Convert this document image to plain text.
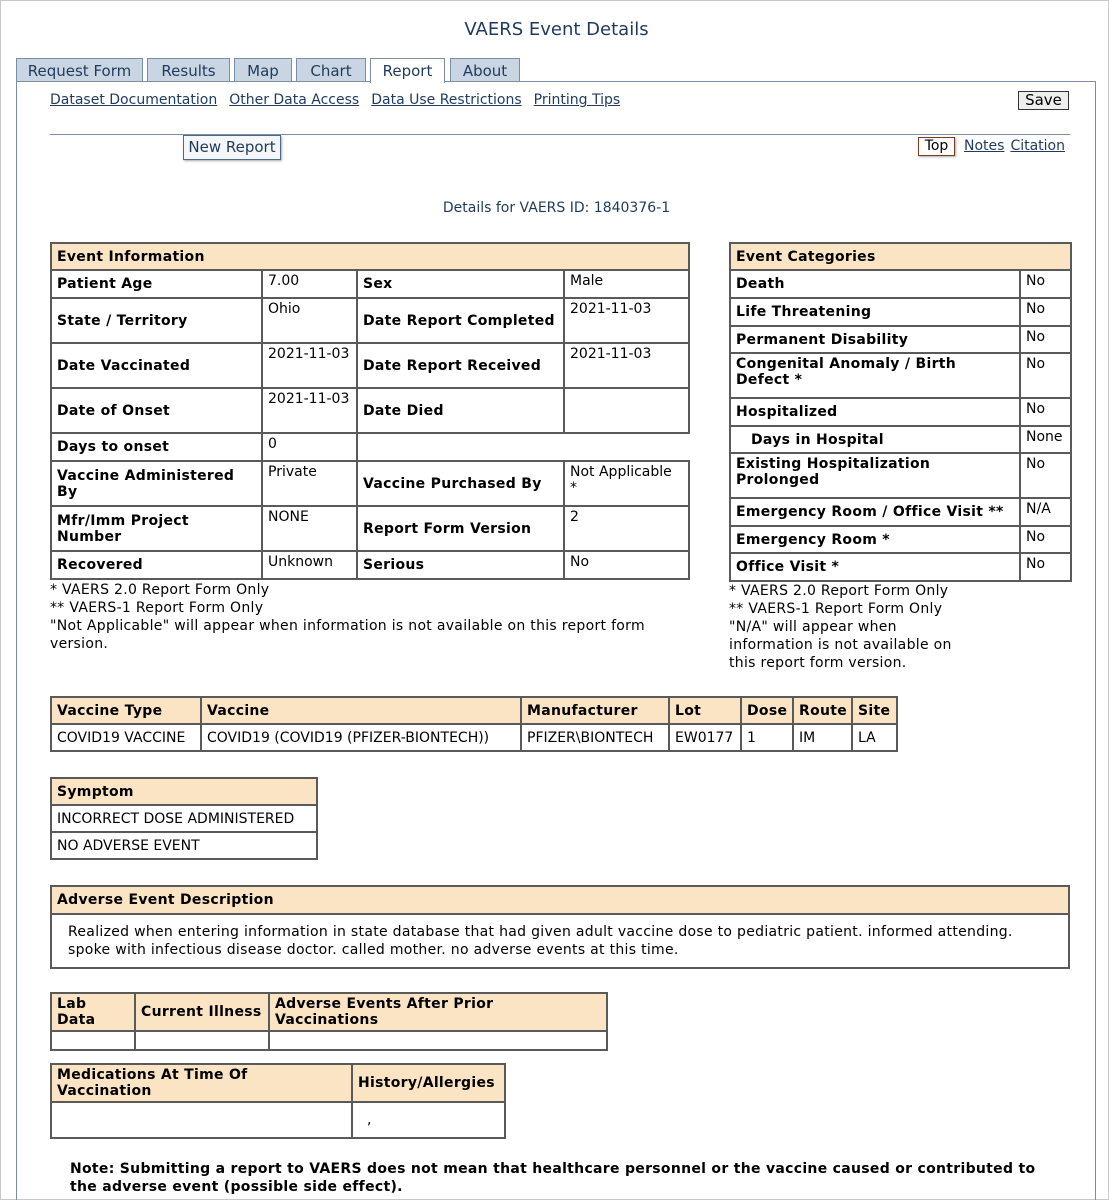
VAERS Event Details
Request Form	Results	Map	Chart	Report	About
Dataset Documentation Other Data Access Data Use Restrictions Printing Tips	Save
New Report	Top	Notes Citation
Details for VAERS ID: 1840376-1
Event Information			
Patient Age	7.00	Sex	Male
State / Territory	Ohio	Date Report Completed	2021-11-03
Date Vaccinated	2021-11-03	Date Report Received	2021-11-03
Date of Onset	2021-11-03	Date Died	
Days to onset	0		
Vaccine Administered By	Private	Vaccine Purchased By	Not Applicable *
Mfr/Imm Project Number	NONE	Report Form Version	2
Recovered	Unknown	Serious	No
* VAERS 2.0 Report Form Only
** VAERS-1 Report Form Only
"Not Applicable" will appear when information is not available on this report form version.
Event Categories	
Death	No
Life Threatening	No
Permanent Disability	No
Congenital Anomaly / Birth Defect *	No
Hospitalized	No
Days in Hospital	None
Existing Hospitalization Prolonged	No
Emergency Room / Office Visit **	N/A
Emergency Room *	No
Office Visit *	No
* VAERS 2.0 Report Form Only
** VAERS-1 Report Form Only
"N/A" will appear when information is not available on this report form version.
Vaccine Type	Vaccine	Manufacturer	Lot	Dose	Route	Site
COVID19 VACCINE	COVID19 (COVID19 (PFIZER-BIONTECH))	PFIZER\BIONTECH	EW0177	1	IM	LA
Symptom
INCORRECT DOSE ADMINISTERED
NO ADVERSE EVENT
Adverse Event Description
Realized when entering information in state database that had given adult vaccine dose to pediatric patient. informed attending. spoke with infectious disease doctor. called mother. no adverse events at this time.
Lab Data	Current Illness	Adverse Events After Prior Vaccinations

Medications At Time Of Vaccination	History/Allergies
	,
Note: Submitting a report to VAERS does not mean that healthcare personnel or the vaccine caused or contributed to the adverse event (possible side effect).
